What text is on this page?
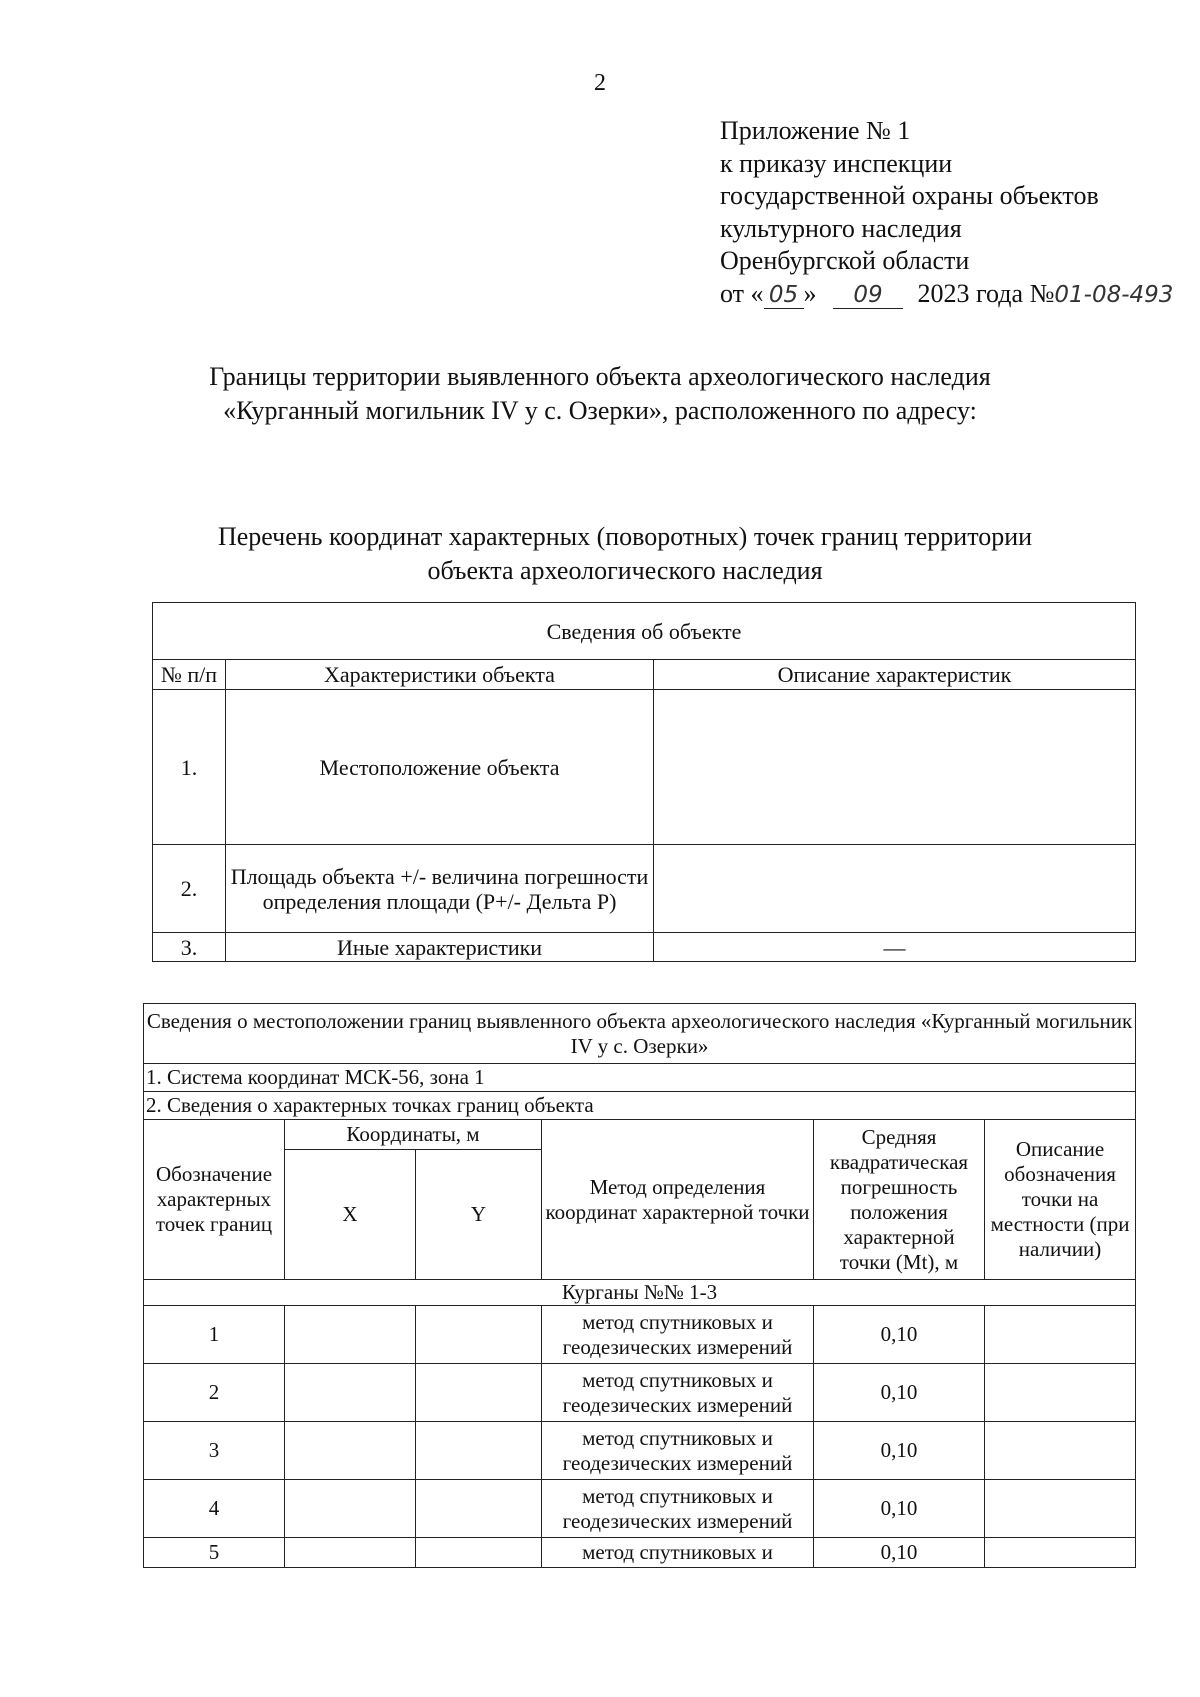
2
Приложение № 1
к приказу инспекции
государственной охраны объектов
культурного наследия
Оренбургской области
от « 05 » 09 2023 года №01-08-493
Границы территории выявленного объекта археологического наследия
«Курганный могильник IV у с. Озерки», расположенного по адресу:
Перечень координат характерных (поворотных) точек границ территории
объекта археологического наследия
Сведения об объекте		
№ п/п	Характеристики объекта	Описание характеристик
1.	Местоположение объекта	
2.	Площадь объекта +/- величина погрешности определения площади (Р+/- Дельта Р)	
3.	Иные характеристики	—
Сведения о местоположении границ выявленного объекта археологического наследия «Курганный могильник IV у с. Озерки»					
1. Система координат МСК-56, зона 1					
2. Сведения о характерных точках границ объекта					
Обозначение характерных точек границ	Координаты, м		Метод определения координат характерной точки	Средняя квадратическая погрешность положения характерной точки (Mt), м	Описание обозначения точки на местности (при наличии)
	X	Y			
Курганы №№ 1-3					
1			метод спутниковых и геодезических измерений	0,10	
2			метод спутниковых и геодезических измерений	0,10	
3			метод спутниковых и геодезических измерений	0,10	
4			метод спутниковых и геодезических измерений	0,10	
5			метод спутниковых и	0,10	
